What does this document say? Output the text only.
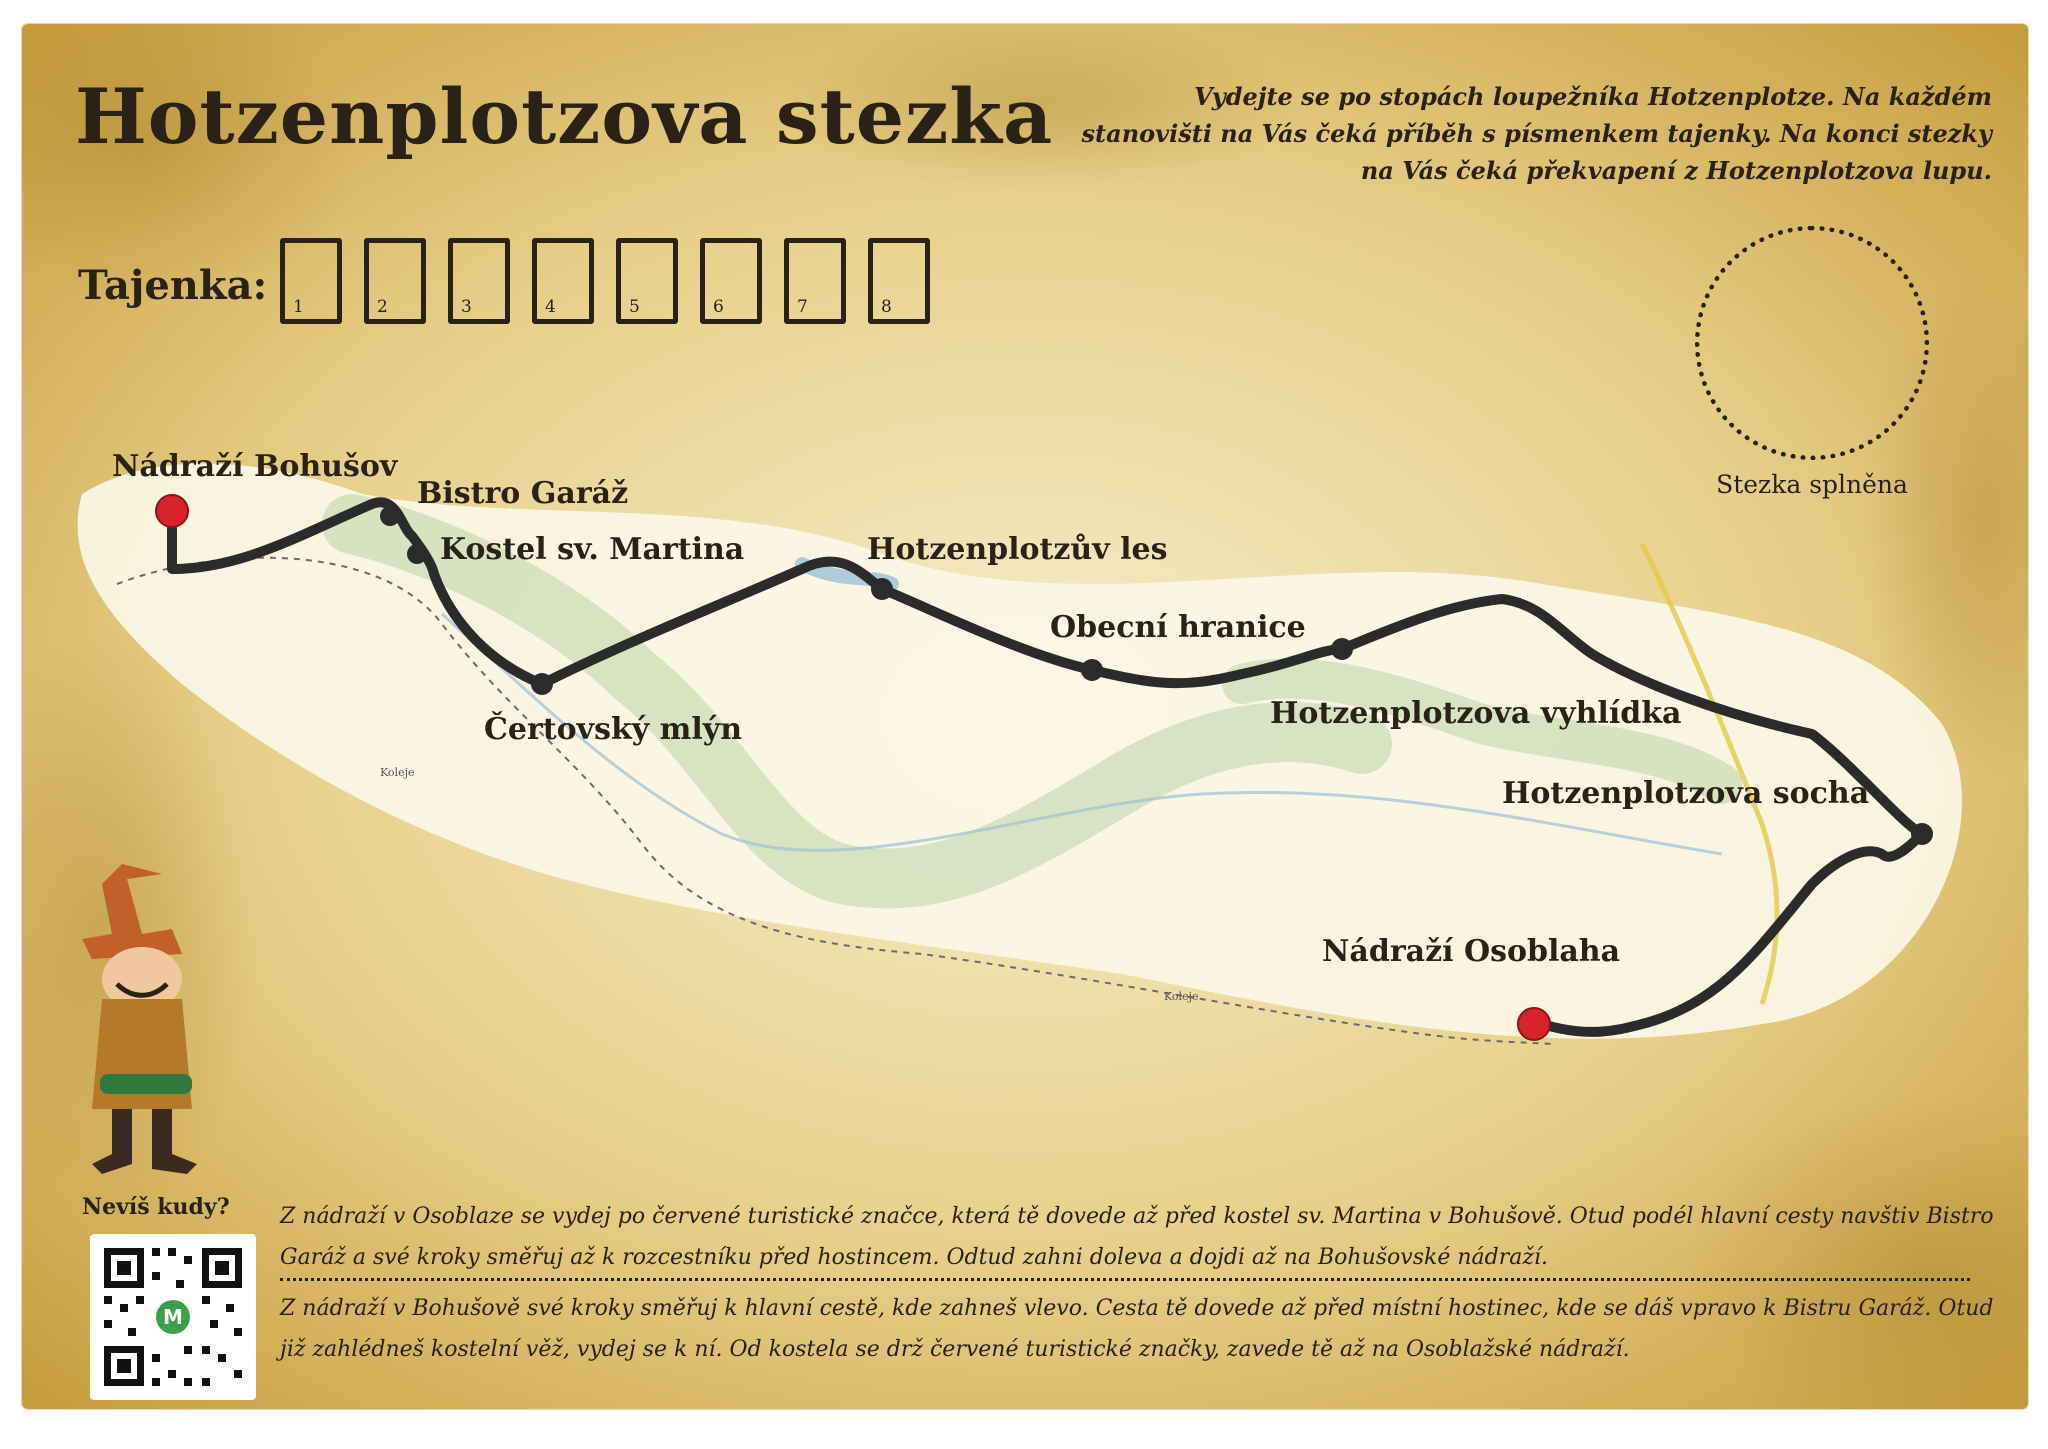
Hotzenplotzova stezka	Vydejte se po stopách loupežníka Hotzenplotze. Na každém stanovišti na Vás čeká příběh s písmenkem tajenky. Na konci stezky na Vás čeká překvapení z Hotzenplotzova lupu.
Tajenka: 1	2	3	4	5	6	7	8
Stezka splněna
Nádraží Bohušov
Bistro Garáž
Kostel sv. Martina
Čertovský mlýn
Hotzenplotzův les
Obecní hranice
Hotzenplotzova vyhlídka
Hotzenplotzova socha
Nádraží Osoblaha
Koleje
Koleje
Nevíš kudy?
M
Z nádraží v Osoblaze se vydej po červené turistické značce, která tě dovede až před kostel sv. Martina v Bohušově. Otud podél hlavní cesty navštiv Bistro Garáž a své kroky směřuj až k rozcestníku před hostincem. Odtud zahni doleva a dojdi až na Bohušovské nádraží.
Z nádraží v Bohušově své kroky směřuj k hlavní cestě, kde zahneš vlevo. Cesta tě dovede až před místní hostinec, kde se dáš vpravo k Bistru Garáž. Otud již zahlédneš kostelní věž, vydej se k ní. Od kostela se drž červené turistické značky, zavede tě až na Osoblažské nádraží.
